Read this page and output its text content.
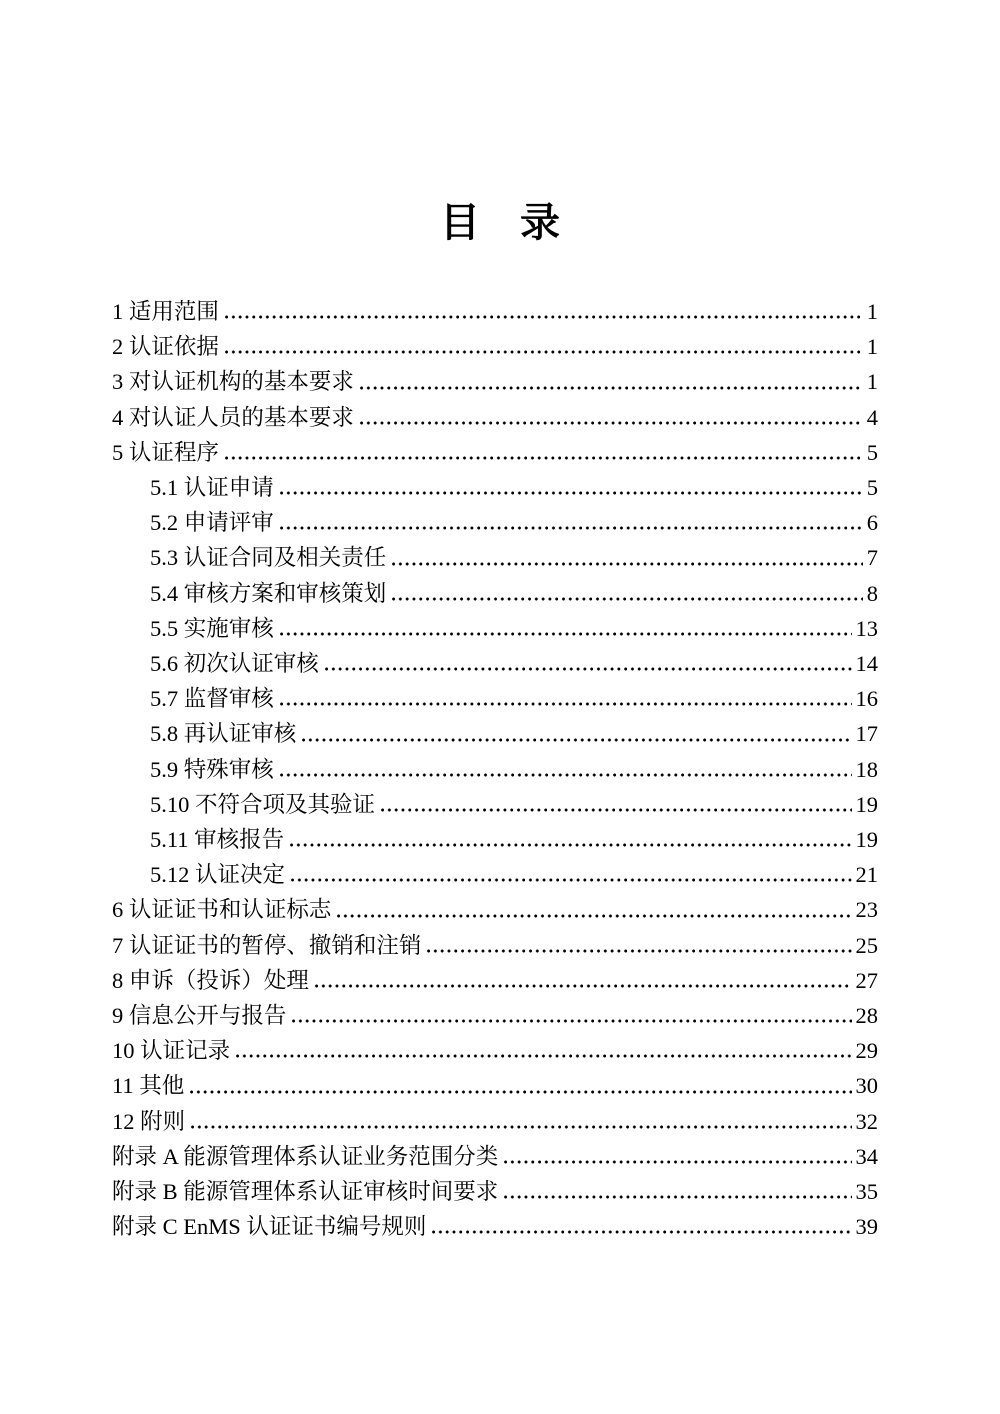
目　录
1 适用范围	1
2 认证依据	1
3 对认证机构的基本要求	1
4 对认证人员的基本要求	4
5 认证程序	5
5.1 认证申请	5
5.2 申请评审	6
5.3 认证合同及相关责任	7
5.4 审核方案和审核策划	8
5.5 实施审核	13
5.6 初次认证审核	14
5.7 监督审核	16
5.8 再认证审核	17
5.9 特殊审核	18
5.10 不符合项及其验证	19
5.11 审核报告	19
5.12 认证决定	21
6 认证证书和认证标志	23
7 认证证书的暂停、撤销和注销	25
8 申诉（投诉）处理	27
9 信息公开与报告	28
10 认证记录	29
11 其他	30
12 附则	32
附录 A 能源管理体系认证业务范围分类	34
附录 B 能源管理体系认证审核时间要求	35
附录 C EnMS 认证证书编号规则	39
